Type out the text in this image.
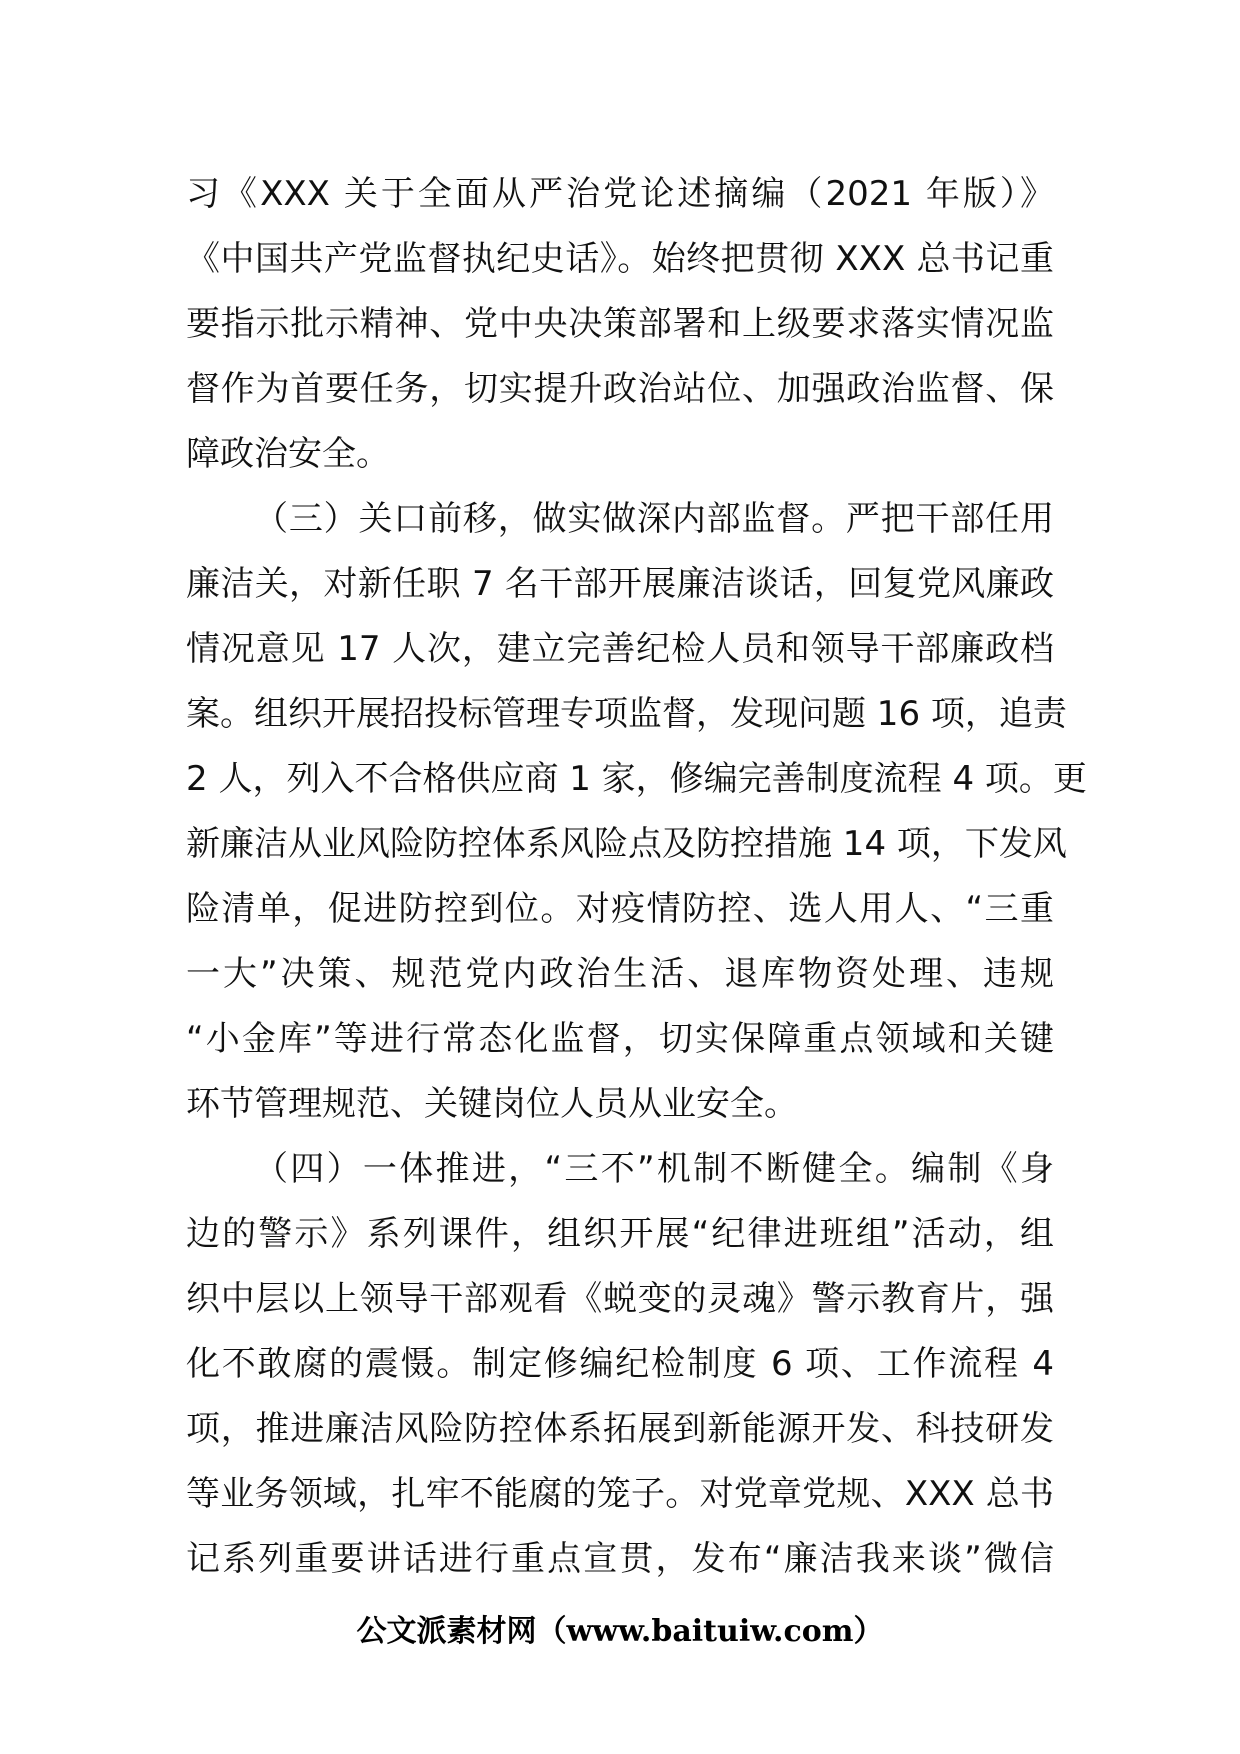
习《XXX 关于全面从严治党论述摘编（2021 年版）》
《中国共产党监督执纪史话》。始终把贯彻 XXX 总书记重
要指示批示精神、党中央决策部署和上级要求落实情况监
督作为首要任务，切实提升政治站位、加强政治监督、保
障政治安全。
（三）关口前移，做实做深内部监督。严把干部任用
廉洁关，对新任职 7 名干部开展廉洁谈话，回复党风廉政
情况意见 17 人次，建立完善纪检人员和领导干部廉政档
案。组织开展招投标管理专项监督，发现问题 16 项，追责
2 人，列入不合格供应商 1 家，修编完善制度流程 4 项。更
新廉洁从业风险防控体系风险点及防控措施 14 项，下发风
险清单，促进防控到位。对疫情防控、选人用人、“三重
一大”决策、规范党内政治生活、退库物资处理、违规
“小金库”等进行常态化监督，切实保障重点领域和关键
环节管理规范、关键岗位人员从业安全。
（四）一体推进，“三不”机制不断健全。编制《身
边的警示》系列课件，组织开展“纪律进班组”活动，组
织中层以上领导干部观看《蜕变的灵魂》警示教育片，强
化不敢腐的震慑。制定修编纪检制度 6 项、工作流程 4
项，推进廉洁风险防控体系拓展到新能源开发、科技研发
等业务领域，扎牢不能腐的笼子。对党章党规、XXX 总书
记系列重要讲话进行重点宣贯，发布“廉洁我来谈”微信
公文派素材网（www.baituiw.com）
